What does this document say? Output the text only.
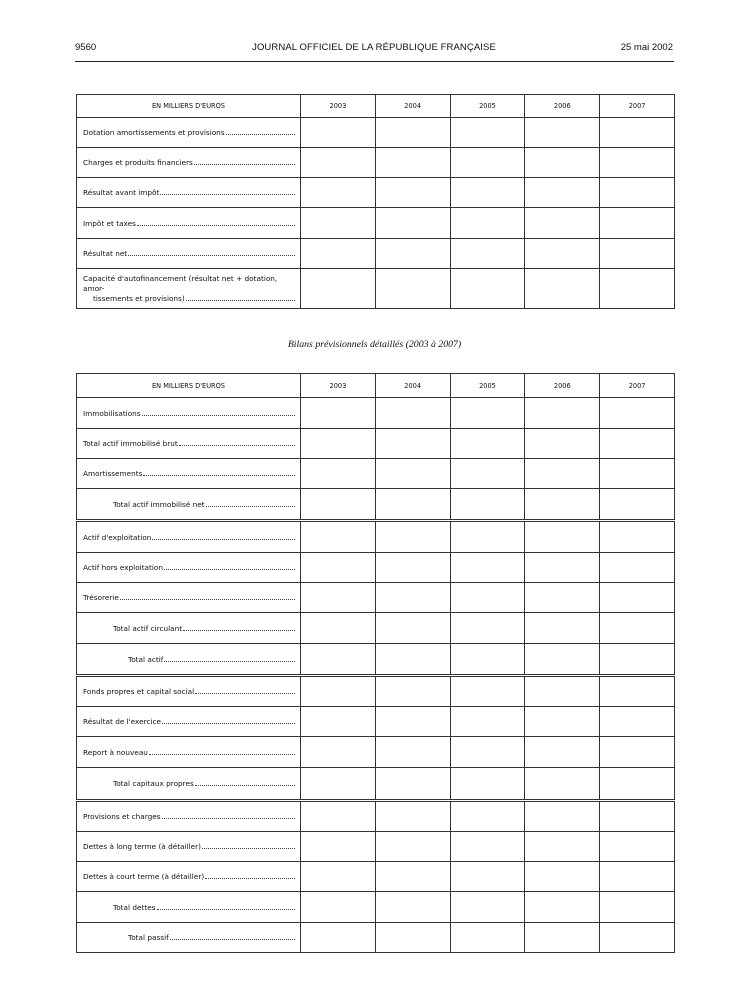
9560	JOURNAL OFFICIEL DE LA RÉPUBLIQUE FRANÇAISE	25 mai 2002
EN MILLIERS D'EUROS	2003	2004	2005	2006	2007

Dotation amortissements et provisions					

Charges et produits financiers					

Résultat avant impôt					

Impôt et taxes					

Résultat net					

Capacité d'autofinancement (résultat net + dotation, amor-
tissements et provisions)					

Bilans prévisionnels détaillés (2003 à 2007)
EN MILLIERS D'EUROS	2003	2004	2005	2006	2007

Immobilisations					

Total actif immobilisé brut					

Amortissements					

Total actif immobilisé net					

Actif d'exploitation					

Actif hors exploitation					

Trésorerie					

Total actif circulant					

Total actif					

Fonds propres et capital social					

Résultat de l'exercice					

Report à nouveau					

Total capitaux propres					

Provisions et charges					

Dettes à long terme (à détailler)					

Dettes à court terme (à détailler)					

Total dettes					

Total passif					
